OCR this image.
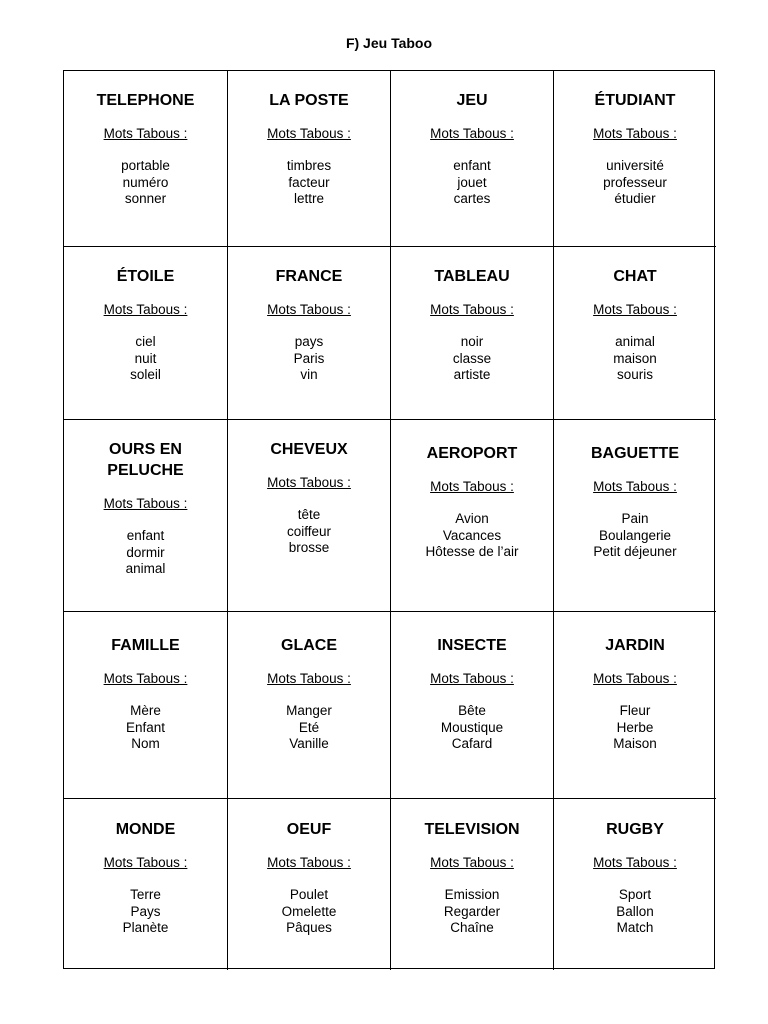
F) Jeu Taboo
TELEPHONE
Mots Tabous :
portable
numéro
sonner
LA POSTE
Mots Tabous :
timbres
facteur
lettre
JEU
Mots Tabous :
enfant
jouet
cartes
ÉTUDIANT
Mots Tabous :
université
professeur
étudier
ÉTOILE
Mots Tabous :
ciel
nuit
soleil
FRANCE
Mots Tabous :
pays
Paris
vin
TABLEAU
Mots Tabous :
noir
classe
artiste
CHAT
Mots Tabous :
animal
maison
souris
OURS EN PELUCHE
Mots Tabous :
enfant
dormir
animal
CHEVEUX
Mots Tabous :
tête
coiffeur
brosse
AEROPORT
Mots Tabous :
Avion
Vacances
Hôtesse de l’air
BAGUETTE
Mots Tabous :
Pain
Boulangerie
Petit déjeuner
FAMILLE
Mots Tabous :
Mère
Enfant
Nom
GLACE
Mots Tabous :
Manger
Eté
Vanille
INSECTE
Mots Tabous :
Bête
Moustique
Cafard
JARDIN
Mots Tabous :
Fleur
Herbe
Maison
MONDE
Mots Tabous :
Terre
Pays
Planète
OEUF
Mots Tabous :
Poulet
Omelette
Pâques
TELEVISION
Mots Tabous :
Emission
Regarder
Chaîne
RUGBY
Mots Tabous :
Sport
Ballon
Match
